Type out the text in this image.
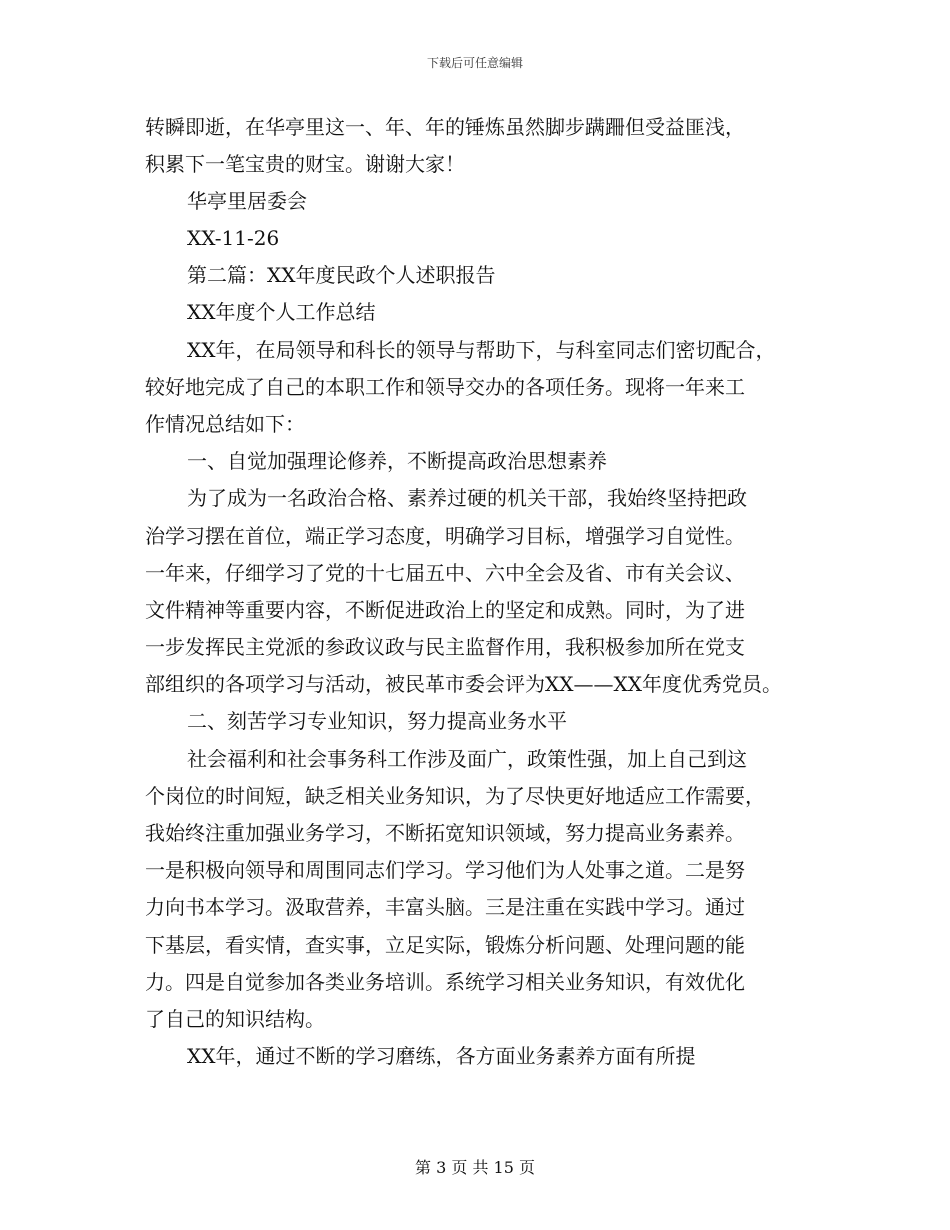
下载后可任意编辑
转瞬即逝，在华亭里这一、年、年的锤炼虽然脚步蹒跚但受益匪浅，
积累下一笔宝贵的财宝。谢谢大家！
华亭里居委会
XX-11-26
第二篇：XX年度民政个人述职报告
XX年度个人工作总结
XX年，在局领导和科长的领导与帮助下，与科室同志们密切配合，
较好地完成了自己的本职工作和领导交办的各项任务。现将一年来工
作情况总结如下：
一、自觉加强理论修养，不断提高政治思想素养
为了成为一名政治合格、素养过硬的机关干部，我始终坚持把政
治学习摆在首位，端正学习态度，明确学习目标，增强学习自觉性。
一年来，仔细学习了党的十七届五中、六中全会及省、市有关会议、
文件精神等重要内容，不断促进政治上的坚定和成熟。同时，为了进
一步发挥民主党派的参政议政与民主监督作用，我积极参加所在党支
部组织的各项学习与活动，被民革市委会评为XX——XX年度优秀党员。
二、刻苦学习专业知识，努力提高业务水平
社会福利和社会事务科工作涉及面广，政策性强，加上自己到这
个岗位的时间短，缺乏相关业务知识，为了尽快更好地适应工作需要，
我始终注重加强业务学习，不断拓宽知识领域，努力提高业务素养。
一是积极向领导和周围同志们学习。学习他们为人处事之道。二是努
力向书本学习。汲取营养，丰富头脑。三是注重在实践中学习。通过
下基层，看实情，查实事，立足实际，锻炼分析问题、处理问题的能
力。四是自觉参加各类业务培训。系统学习相关业务知识，有效优化
了自己的知识结构。
XX年，通过不断的学习磨练，各方面业务素养方面有所提
第 3 页 共 15 页
